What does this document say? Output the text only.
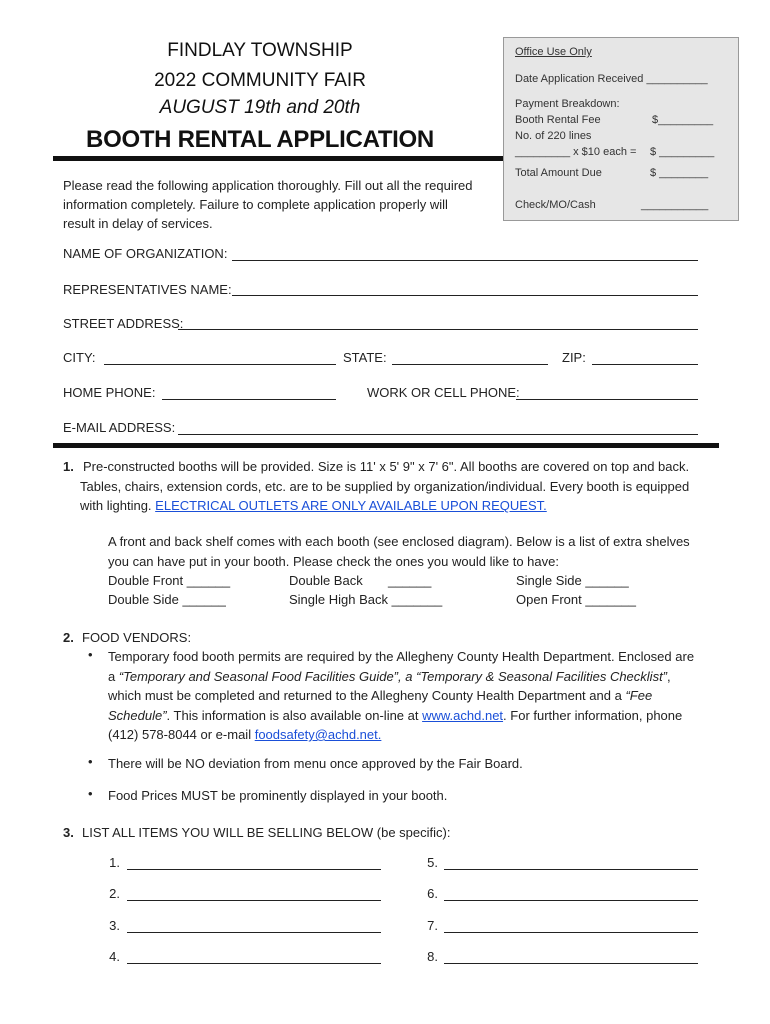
FINDLAY TOWNSHIP
2022 COMMUNITY FAIR
AUGUST 19th and 20th
BOOTH RENTAL APPLICATION
Office Use Only
Date Application Received __________
Payment Breakdown:
Booth Rental Fee	$_________
No. of 220 lines
_________ x $10 each =	$ _________
Total Amount Due	$ ________
Check/MO/Cash	___________
Please read the following application thoroughly. Fill out all the required information completely. Failure to complete application properly will result in delay of services.
NAME OF ORGANIZATION:
REPRESENTATIVES NAME:
STREET ADDRESS:
CITY:	STATE:	ZIP:
HOME PHONE:	WORK OR CELL PHONE:
E-MAIL ADDRESS:
1. Pre-constructed booths will be provided. Size is 11' x 5' 9" x 7' 6". All booths are covered on top and back. Tables, chairs, extension cords, etc. are to be supplied by organization/individual. Every booth is equipped with lighting. ELECTRICAL OUTLETS ARE ONLY AVAILABLE UPON REQUEST.
A front and back shelf comes with each booth (see enclosed diagram). Below is a list of extra shelves you can have put in your booth. Please check the ones you would like to have:
Double Front ______	Double Back       ______	Single Side ______
Double Side ______	Single High Back _______	Open Front _______
2. FOOD VENDORS:
• Temporary food booth permits are required by the Allegheny County Health Department. Enclosed are a “Temporary and Seasonal Food Facilities Guide”, a “Temporary & Seasonal Facilities Checklist”, which must be completed and returned to the Allegheny County Health Department and a “Fee Schedule”. This information is also available on-line at www.achd.net. For further information, phone (412) 578-8044 or e-mail foodsafety@achd.net.
• There will be NO deviation from menu once approved by the Fair Board.
• Food Prices MUST be prominently displayed in your booth.
3. LIST ALL ITEMS YOU WILL BE SELLING BELOW (be specific):
1.
2.
3.
4.
5.
6.
7.
8.
